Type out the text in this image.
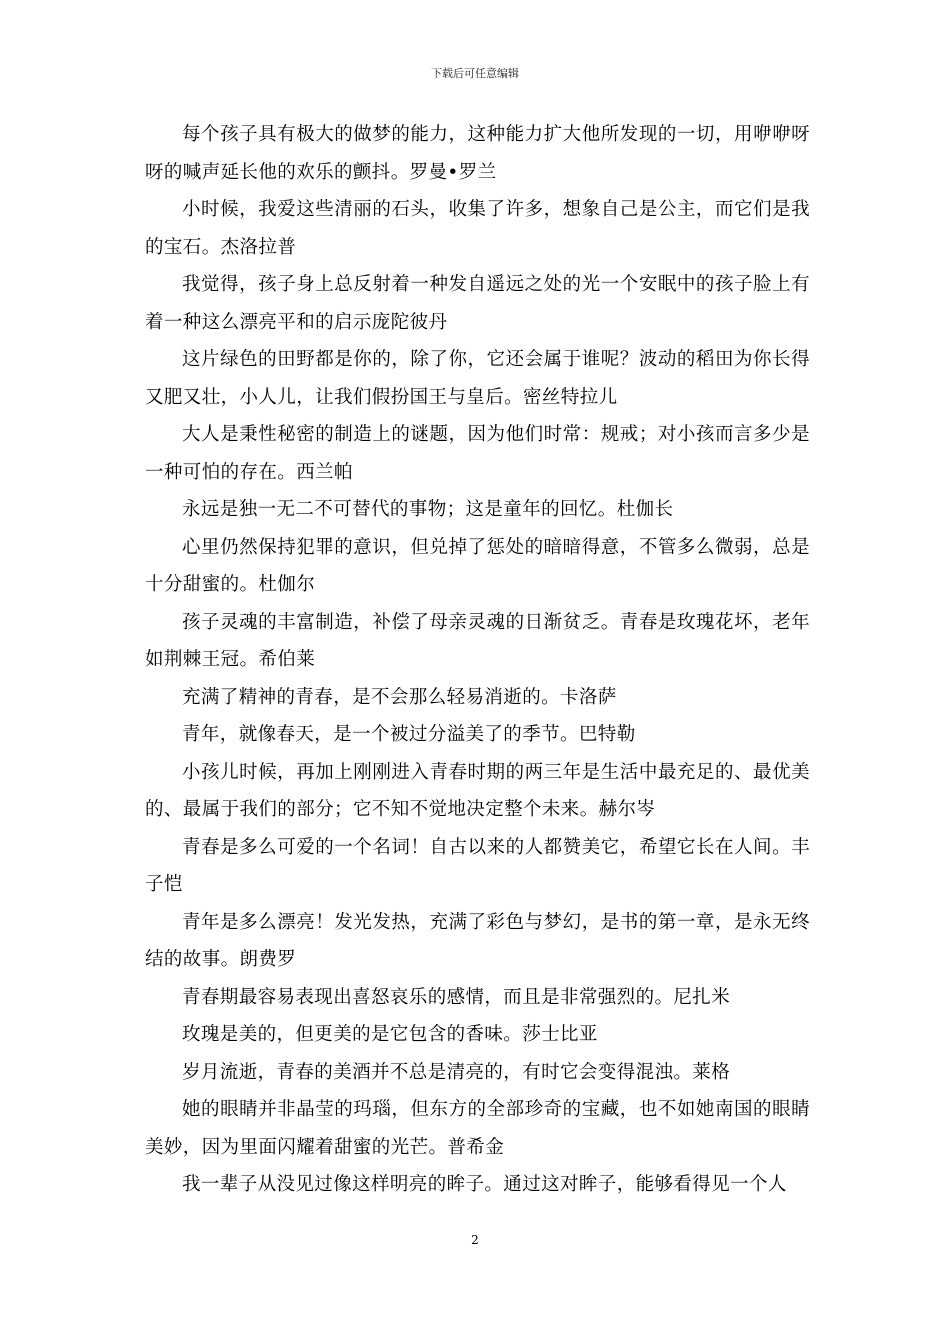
下载后可任意编辑

每个孩子具有极大的做梦的能力，这种能力扩大他所发现的一切，用咿咿呀呀的喊声延长他的欢乐的颤抖。罗曼•罗兰

小时候，我爱这些清丽的石头，收集了许多，想象自己是公主，而它们是我的宝石。杰洛拉普

我觉得，孩子身上总反射着一种发自遥远之处的光一个安眠中的孩子脸上有着一种这么漂亮平和的启示庞陀彼丹

这片绿色的田野都是你的，除了你，它还会属于谁呢？波动的稻田为你长得又肥又壮，小人儿，让我们假扮国王与皇后。密丝特拉儿

大人是秉性秘密的制造上的谜题，因为他们时常：规戒；对小孩而言多少是一种可怕的存在。西兰帕

永远是独一无二不可替代的事物；这是童年的回忆。杜伽长

心里仍然保持犯罪的意识，但兑掉了惩处的暗暗得意，不管多么微弱，总是十分甜蜜的。杜伽尔

孩子灵魂的丰富制造，补偿了母亲灵魂的日渐贫乏。青春是玫瑰花坏，老年如荆棘王冠。希伯莱

充满了精神的青春，是不会那么轻易消逝的。卡洛萨

青年，就像春天，是一个被过分溢美了的季节。巴特勒

小孩儿时候，再加上刚刚进入青春时期的两三年是生活中最充足的、最优美的、最属于我们的部分；它不知不觉地决定整个未来。赫尔岑

青春是多么可爱的一个名词！自古以来的人都赞美它，希望它长在人间。丰子恺

青年是多么漂亮！发光发热，充满了彩色与梦幻，是书的第一章，是永无终结的故事。朗费罗

青春期最容易表现出喜怒哀乐的感情，而且是非常强烈的。尼扎米

玫瑰是美的，但更美的是它包含的香味。莎士比亚

岁月流逝，青春的美酒并不总是清亮的，有时它会变得混浊。莱格

她的眼睛并非晶莹的玛瑙，但东方的全部珍奇的宝藏，也不如她南国的眼睛美妙，因为里面闪耀着甜蜜的光芒。普希金

我一辈子从没见过像这样明亮的眸子。通过这对眸子，能够看得见一个人

2
